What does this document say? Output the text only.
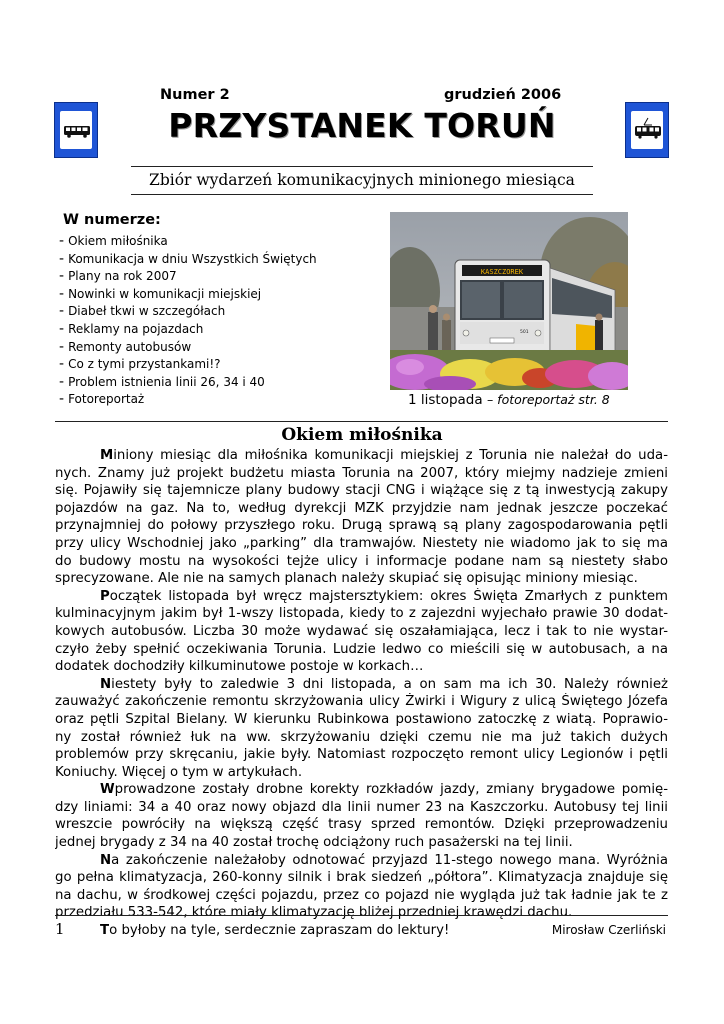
Numer 2	grudzień 2006
PRZYSTANEK TORUŃ
Zbiór wydarzeń komunikacyjnych minionego miesiąca
W numerze:
- Okiem miłośnika
- Komunikacja w dniu Wszystkich Świętych
- Plany na rok 2007
- Nowinki w komunikacji miejskiej
- Diabeł tkwi w szczegółach
- Reklamy na pojazdach
- Remonty autobusów
- Co z tymi przystankami!?
- Problem istnienia linii 26, 34 i 40
- Fotoreportaż
KASZCZOREK
501
1 listopada – fotoreportaż str. 8
Okiem miłośnika
Miniony miesiąc dla miłośnika komunikacji miejskiej z Torunia nie należał do uda-
nych. Znamy już projekt budżetu miasta Torunia na 2007, który miejmy nadzieje zmieni
się. Pojawiły się tajemnicze plany budowy stacji CNG i wiążące się z tą inwestycją zakupy
pojazdów na gaz. Na to, według dyrekcji MZK przyjdzie nam jednak jeszcze poczekać
przynajmniej do połowy przyszłego roku. Drugą sprawą są plany zagospodarowania pętli
przy ulicy Wschodniej jako „parking” dla tramwajów. Niestety nie wiadomo jak to się ma
do budowy mostu na wysokości tejże ulicy i informacje podane nam są niestety słabo
sprecyzowane. Ale nie na samych planach należy skupiać się opisując miniony miesiąc.
Początek listopada był wręcz majstersztykiem: okres Święta Zmarłych z punktem
kulminacyjnym jakim był 1-wszy listopada, kiedy to z zajezdni wyjechało prawie 30 dodat-
kowych autobusów. Liczba 30 może wydawać się oszałamiająca, lecz i tak to nie wystar-
czyło żeby spełnić oczekiwania Torunia. Ludzie ledwo co mieścili się w autobusach, a na
dodatek dochodziły kilkuminutowe postoje w korkach…
Niestety były to zaledwie 3 dni listopada, a on sam ma ich 30. Należy również
zauważyć zakończenie remontu skrzyżowania ulicy Żwirki i Wigury z ulicą Świętego Józefa
oraz pętli Szpital Bielany. W kierunku Rubinkowa postawiono zatoczkę z wiatą. Poprawio-
ny został również łuk na ww. skrzyżowaniu dzięki czemu nie ma już takich dużych
problemów przy skręcaniu, jakie były. Natomiast rozpoczęto remont ulicy Legionów i pętli
Koniuchy. Więcej o tym w artykułach.
Wprowadzone zostały drobne korekty rozkładów jazdy, zmiany brygadowe pomię-
dzy liniami: 34 a 40 oraz nowy objazd dla linii numer 23 na Kaszczorku. Autobusy tej linii
wreszcie powróciły na większą część trasy sprzed remontów. Dzięki przeprowadzeniu
jednej brygady z 34 na 40 został trochę odciążony ruch pasażerski na tej linii.
Na zakończenie należałoby odnotować przyjazd 11-stego nowego mana. Wyróżnia
go pełna klimatyzacja, 260-konny silnik i brak siedzeń „półtora”. Klimatyzacja znajduje się
na dachu, w środkowej części pojazdu, przez co pojazd nie wygląda już tak ładnie jak te z
przedziału 533-542, które miały klimatyzację bliżej przedniej krawędzi dachu.
To byłoby na tyle, serdecznie zapraszam do lektury!	Mirosław Czerliński
1
